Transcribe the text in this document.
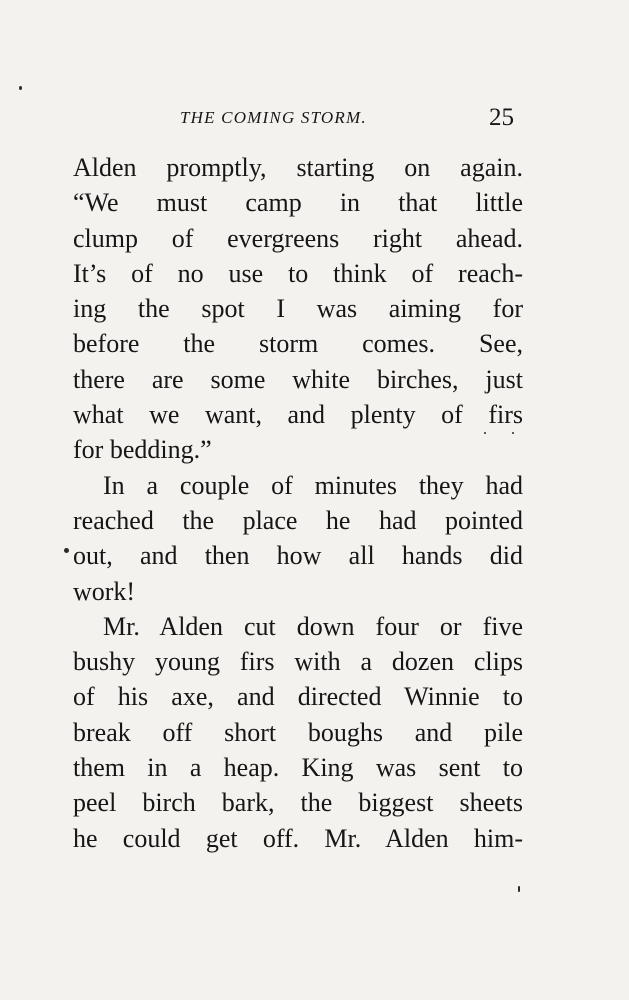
THE COMING STORM.	25
Alden promptly, starting on again.
“We must camp in that little
clump of evergreens right ahead.
It’s of no use to think of reach-
ing the spot I was aiming for
before the storm comes. See,
there are some white birches, just
what we want, and plenty of firs
for bedding.”
In a couple of minutes they had
reached the place he had pointed
out, and then how all hands did
work!
Mr. Alden cut down four or five
bushy young firs with a dozen clips
of his axe, and directed Winnie to
break off short boughs and pile
them in a heap. King was sent to
peel birch bark, the biggest sheets
he could get off. Mr. Alden him-
